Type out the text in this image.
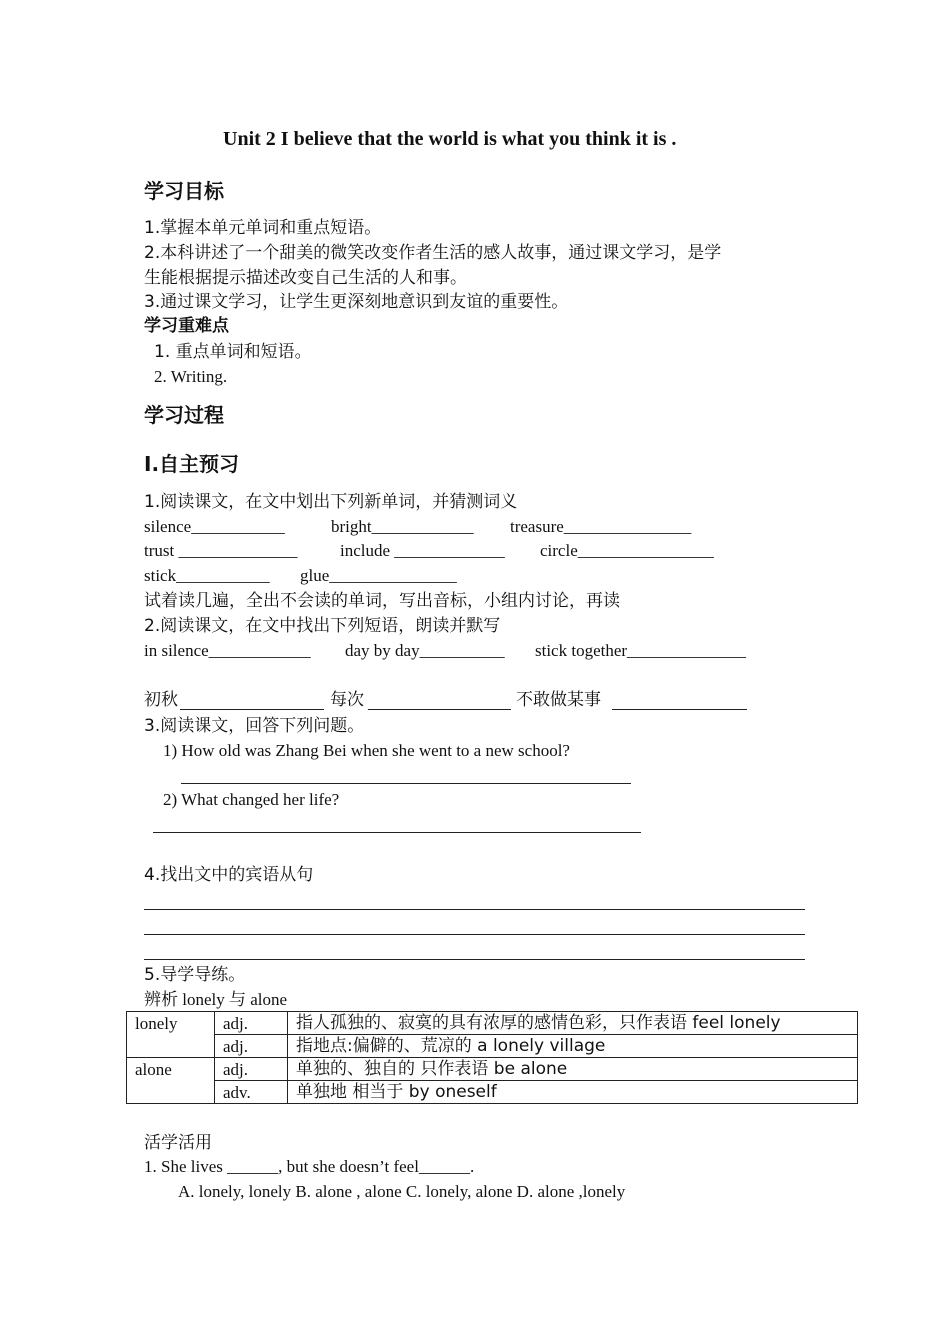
Unit 2 I believe that the world is what you think it is .
学习目标
1.掌握本单元单词和重点短语。
2.本科讲述了一个甜美的微笑改变作者生活的感人故事，通过课文学习，是学
生能根据提示描述改变自己生活的人和事。
3.通过课文学习，让学生更深刻地意识到友谊的重要性。
学习重难点
1. 重点单词和短语。
2. Writing.
学习过程
I.自主预习
1.阅读课文，在文中划出下列新单词，并猜测词义
silence___________	bright____________ treasure_______________
trust ______________	include _____________ circle________________
stick___________ glue_______________
试着读几遍，全出不会读的单词，写出音标，小组内讨论，再读
2.阅读课文，在文中找出下列短语，朗读并默写
in silence____________ day by day__________ stick together______________
初秋	每次	不敢做某事
3.阅读课文，回答下列问题。
1) How old was Zhang Bei when she went to a new school?
2) What changed her life?
4.找出文中的宾语从句
5.导学导练。
辨析 lonely 与 alone
lonely	adj.	指人孤独的、寂寞的具有浓厚的感情色彩，只作表语 feel lonely
	adj.	指地点:偏僻的、荒凉的 a lonely village
alone	adj.	单独的、独自的 只作表语 be alone
	adv.	单独地 相当于 by oneself
活学活用
1. She lives ______, but she doesn’t feel______.
A. lonely, lonely B. alone , alone C. lonely, alone D. alone ,lonely
